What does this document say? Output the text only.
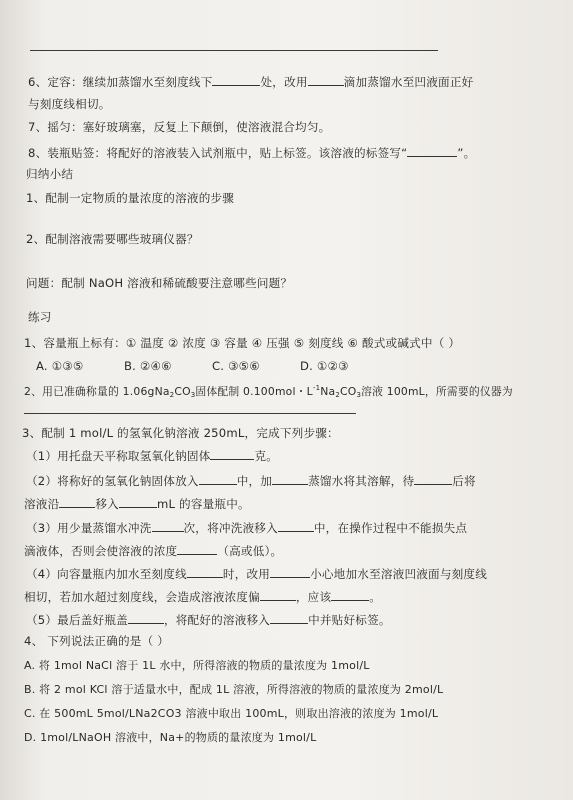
6、定容：继续加蒸馏水至刻度线下	处，改用	滴加蒸馏水至凹液面正好
与刻度线相切。
7、摇匀：塞好玻璃塞，反复上下颠倒，使溶液混合均匀。
8、装瓶贴签：将配好的溶液装入试剂瓶中，贴上标签。该溶液的标签写“	”。
归纳小结
1、配制一定物质的量浓度的溶液的步骤
2、配制溶液需要哪些玻璃仪器？
问题：配制 NaOH 溶液和稀硫酸要注意哪些问题？
练习
1、容量瓶上标有：① 温度 ② 浓度 ③ 容量 ④ 压强 ⑤ 刻度线 ⑥ 酸式或碱式中（ ）
A. ①③⑤	B. ②④⑥	C. ③⑤⑥	D. ①②③
2、用已准确称量的 $1.06gNa_2CO_3$固体配制 0.100mol・$L^{-1}Na_2CO_3$溶液 100mL，所需要的仪器为
3、配制 1 mol/L 的氢氧化钠溶液 250mL，完成下列步骤：
（1）用托盘天平称取氢氧化钠固体	克。
（2）将称好的氢氧化钠固体放入	中，加	蒸馏水将其溶解，待	后将
溶液沿	移入	mL 的容量瓶中。
（3）用少量蒸馏水冲洗	次，将冲洗液移入	中，在操作过程中不能损失点
滴液体，否则会使溶液的浓度	（高或低）。
（4）向容量瓶内加水至刻度线	时，改用	小心地加水至溶液凹液面与刻度线
相切，若加水超过刻度线，会造成溶液浓度偏	，应该	。
（5）最后盖好瓶盖	，将配好的溶液移入	中并贴好标签。
4、 下列说法正确的是（ ）
A. 将 1mol NaCl 溶于 1L 水中，所得溶液的物质的量浓度为 1mol/L
B. 将 2 mol KCl 溶于适量水中，配成 1L 溶液，所得溶液的物质的量浓度为 2mol/L
C. 在 500mL 5mol/LNa2CO3 溶液中取出 100mL，则取出溶液的浓度为 1mol/L
D. 1mol/LNaOH 溶液中，Na+的物质的量浓度为 1mol/L
